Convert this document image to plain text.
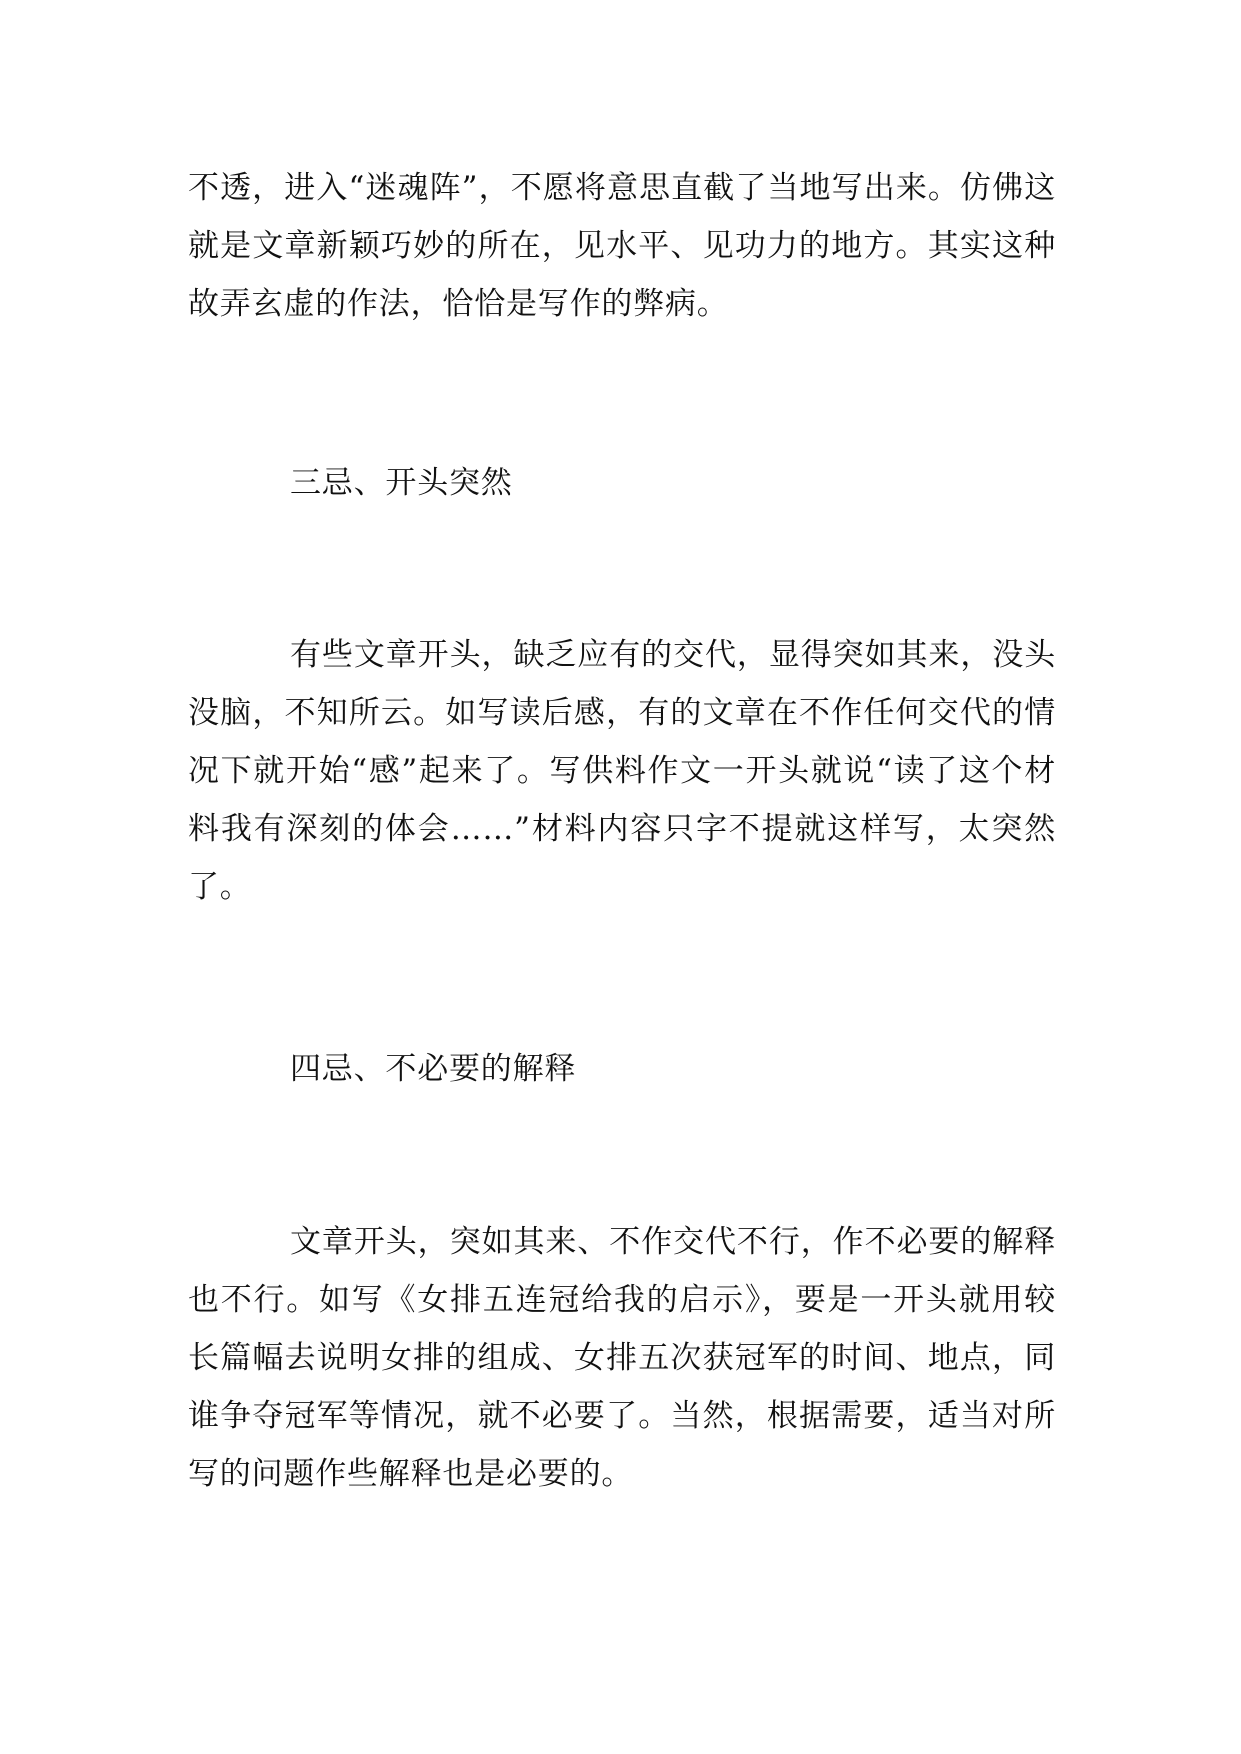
不透，进入“迷魂阵”，不愿将意思直截了当地写出来。仿佛这就是文章新颖巧妙的所在，见水平、见功力的地方。其实这种故弄玄虚的作法，恰恰是写作的弊病。

三忌、开头突然

有些文章开头，缺乏应有的交代，显得突如其来，没头没脑，不知所云。如写读后感，有的文章在不作任何交代的情况下就开始“感”起来了。写供料作文一开头就说“读了这个材料我有深刻的体会……”材料内容只字不提就这样写，太突然了。

四忌、不必要的解释

文章开头，突如其来、不作交代不行，作不必要的解释也不行。如写《女排五连冠给我的启示》，要是一开头就用较长篇幅去说明女排的组成、女排五次获冠军的时间、地点，同谁争夺冠军等情况，就不必要了。当然，根据需要，适当对所写的问题作些解释也是必要的。
